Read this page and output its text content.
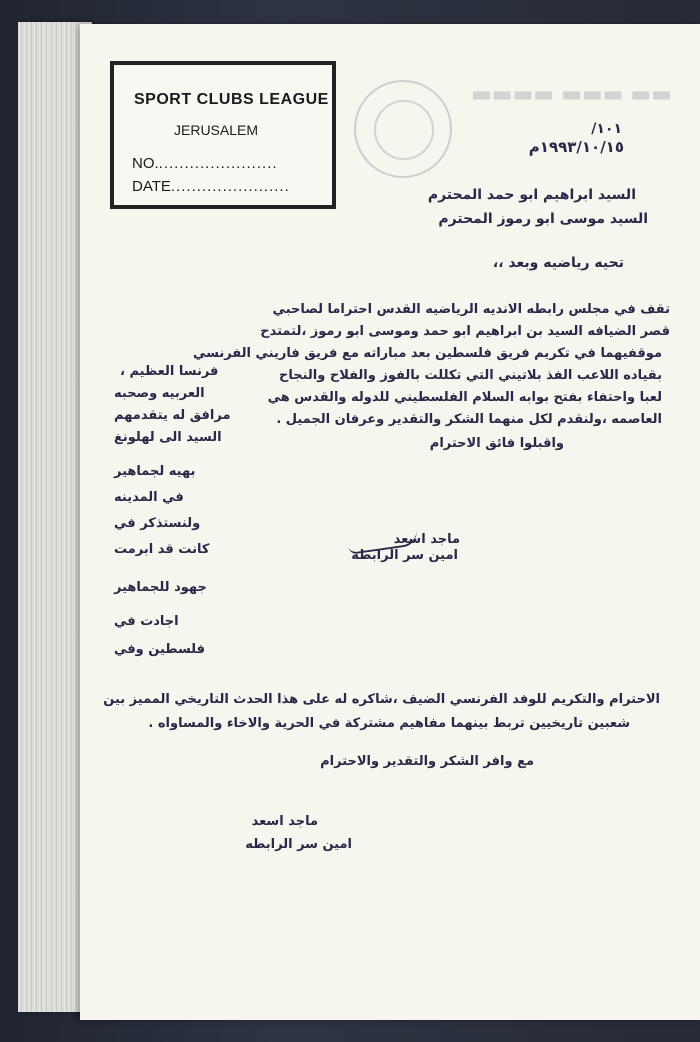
▬▬ ▬▬▬ ▬▬▬▬
SPORT CLUBS LEAGUE
JERUSALEM
NO........................
DATE.......................
١٠١/
١٩٩٣/١٠/١٥م
السيد ابراهيم ابو حمد المحترم
السيد موسى ابو رموز المحترم
تحيه رياضيه وبعد ،،
تقف في مجلس رابطه الانديه الرياضيه القدس احتراما لصاحبي
قصر الضيافه السيد بن ابراهيم ابو حمد وموسى ابو رموز ،لتمتدح
موقفيهما في تكريم فريق فلسطين بعد مباراته مع فريق فاريني الفرنسي
بقياده اللاعب الفذ بلاتيني التي تكللت بالفوز والفلاح والنجاح
لعبا واحتفاء بفتح بوابه السلام الفلسطيني للدوله والقدس هي
العاصمه ،ولنقدم لكل منهما الشكر والتقدير وعرفان الجميل .
واقبلوا فائق الاحترام
فرنسا العظيم ،
العربيه وصحبه
مرافق له يتقدمهم
السيد الى لهلونغ
بهيه لجماهير
في المدينه
ولنستذكر في
كانت قد ابرمت
ماجد اسعد
امين سر الرابطه
جهود للجماهير
اجادت في
فلسطين وفي
الاحترام والتكريم للوفد الفرنسي الضيف ،شاكره له على هذا الحدث التاريخي المميز بين
شعبين تاريخيين تربط بينهما مفاهيم مشتركة في الحرية والاخاء والمساواه .
مع وافر الشكر والتقدير والاحترام
ماجد اسعد
امين سر الرابطه
